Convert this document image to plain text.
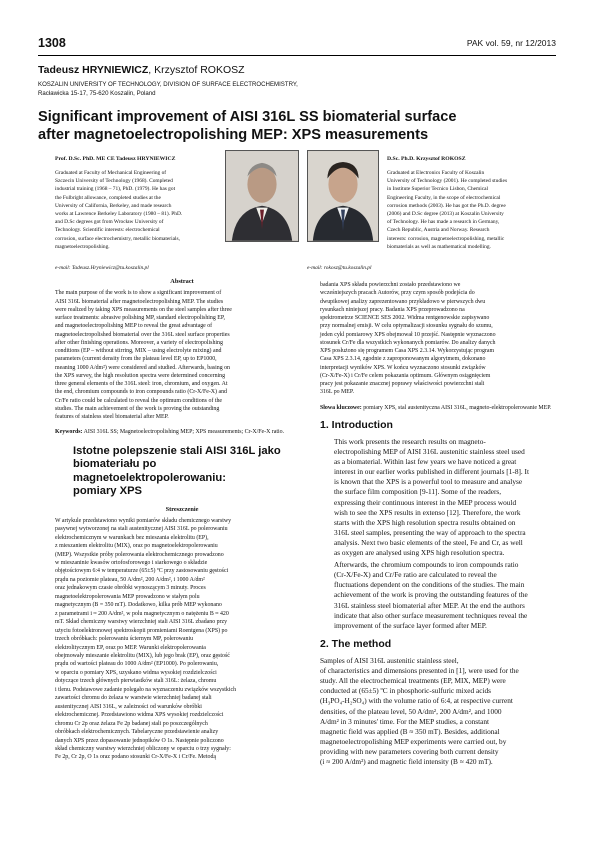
1308	PAK vol. 59, nr 12/2013
Tadeusz HRYNIEWICZ, Krzysztof ROKOSZ
KOSZALIN UNIVERSITY OF TECHNOLOGY, DIVISION OF SURFACE ELECTROCHEMISTRY,
Racławicka 15-17, 75-620 Koszalin, Poland
Significant improvement of AISI 316L SS biomaterial surface
after magnetoelectropolishing MEP: XPS measurements
Prof. D.Sc. PhD. ME CE Tadeusz HRYNIEWICZ
Graduated at Faculty of Mechanical Engineering of
Szczecin University of Technology (1968). Completed
industrial training (1968 – 71), PhD. (1979). He has got
the Fulbright allowance, completed studies at the
University of California, Berkeley, and made research
works at Lawrence Berkeley Laboratory (1980 – 81). PhD.
and D.Sc degrees got from Wrocław University of
Technology. Scientific interests: electrochemical
corrosion, surface electrochemistry, metallic biomaterials,
magnetoelectropolishing.
e-mail: Tadeusz.Hryniewicz@tu.koszalin.pl
D.Sc. Ph.D. Krzysztof ROKOSZ
Graduated at Electronics Faculty of Koszalin
University of Technology (2001). He completed studies
in Institute Superior Tecnico Lisbon, Chemical
Engineering Faculty, in the scope of electrochemical
corrosion methods (2003). He has got the Ph.D. degree
(2006) and D.Sc degree (2013) at Koszalin University
of Technology. He has made a research in Germany,
Czech Republic, Austria and Norway. Research
interests: corrosion, magnetoelectropolishing, metallic
biomaterials as well as mathematical modelling.
e-mail: rokosz@tu.koszalin.pl
Abstract
The main purpose of the work is to show a significant improvement of
AISI 316L biomaterial after magnetoelectropolishing MEP. The studies
were realized by taking XPS measurements on the steel samples after three
surface treatments: abrasive polishing MP, standard electropolishing EP,
and magnetoelectropolishing MEP to reveal the great advantage of
magnetoelectropolished biomaterial over the 316L steel surface properties
after other finishing operations. Moreover, a variety of electropolishing
conditions (EP – without stirring, MIX – using electrolyte mixing) and
parameters (current density from the plateau level EP, up to EP1000,
meaning 1000 A/dm²) were considered and studied. Afterwards, basing on
the XPS survey, the high resolution spectra were determined concerning
three general elements of the 316L steel: iron, chromium, and oxygen. At
the end, chromium compounds to iron compounds ratio (Cr-X/Fe-X) and
Cr/Fe ratio could be calculated to reveal the optimum conditions of the
studies. The main achievement of the work is proving the outstanding
features of stainless steel biomaterial after MEP.
Keywords: AISI 316L SS; Magnetoelectropolishing MEP; XPS measurements; Cr-X/Fe-X ratio.
Istotne polepszenie stali AISI 316L jako
biomateriału po magnetoelektropolerowaniu:
pomiary XPS
Streszczenie
W artykule przedstawiono wyniki pomiarów składu chemicznego warstwy
pasywnej wytworzonej na stali austenitycznej AISI 316L po polerowaniu
elektrochemicznym w warunkach bez mieszania elektrolitu (EP),
z mieszaniem elektrolitu (MIX), oraz po magnetoelektropolerowaniu
(MEP). Wszystkie próby polerowania elektrochemicznego prowadzono
w mieszaninie kwasów ortofosforowego i siarkowego o składzie
objętościowym 6:4 w temperaturze (65±5) ºC przy zastosowaniu gęstości
prądu na poziomie plateau, 50 A/dm², 200 A/dm², i 1000 A/dm²
oraz jednakowym czasie obróbki wynoszącym 3 minuty. Proces
magnetoelektropolerowania MEP prowadzono w stałym polu
magnetycznym (B = 350 mT). Dodatkowo, kilka prób MEP wykonano
z parametrami i ≈ 200 A/dm², w polu magnetycznym o natężeniu B ≈ 420
mT. Skład chemiczny warstwy wierzchniej stali AISI 316L zbadano przy
użyciu fotoelektronowej spektroskopii promieniami Roentgena (XPS) po
trzech obróbkach: polerowaniu ściernym MP, polerowaniu
elektrolitycznym EP, oraz po MEP. Warunki elektropolerowania
obejmowały mieszanie elektrolitu (MIX), lub jego brak (EP), oraz gęstość
prądu od wartości plateau do 1000 A/dm² (EP1000). Po polerowaniu,
w oparciu o pomiary XPS, uzyskano widma wysokiej rozdzielczości
dotyczące trzech głównych pierwiastków stali 316L: żelaza, chromu
i tlenu. Podstawowe zadanie polegało na wyznaczeniu związków wszystkich
zawartości chromu do żelaza w warstwie wierzchniej badanej stali
austenitycznej AISI 316L, w zależności od warunków obróbki
elektrochemicznej. Przedstawiono widma XPS wysokiej rozdzielczości
chromu Cr 2p oraz żelaza Fe 2p badanej stali po poszczególnych
obróbkach elektrochemicznych. Tabelaryczne przedstawienie analizy
danych XPS przez dopasowanie jednopików O 1s. Następnie policzono
skład chemiczny warstwy wierzchniej obliczony w oparciu o trzy sygnały:
Fe 2p, Cr 2p, O 1s oraz podano stosunki Cr-X/Fe-X i Cr/Fe. Metodą
badania XPS składu powierzchni zostało przedstawiono we
wcześniejszych pracach Autorów, przy czym sposób podejścia do
dwupikowej analizy zaprezentowano przykładowo w pierwszych dwu
rysunkach niniejszej pracy. Badania XPS przeprowadzono na
spektrometrze SCIENCE SES 2002. Widma rentgenowskie zapisywano
przy normalnej emisji. W celu optymalizacji stosunku sygnału do szumu,
jeden cykl pomiarowy XPS obejmował 10 przejść. Następnie wyznaczono
stosunek Cr/Fe dla wszystkich wykonanych pomiarów. Do analizy danych
XPS posłużono się programem Casa XPS 2.3.14. Wykorzystując program
Casa XPS 2.3.14, zgodnie z zaproponowanym algorytmem, dokonano
interpretacji wyników XPS. W końcu wyznaczono stosunki związków
(Cr-X/Fe-X) i Cr/Fe celem pokazania optimum. Głównym osiągnięciem
pracy jest pokazanie znacznej poprawy właściwości powierzchni stali
316L po MEP.
Słowa kluczowe: pomiary XPS, stal austenityczna AISI 316L, magneto-elektropolerowanie MEP.
1. Introduction
This work presents the research results on magneto-
electropolishing MEP of AISI 316L austenitic stainless steel used
as a biomaterial. Within last few years we have noticed a great
interest in our earlier works published in different journals [1-8]. It
is known that the XPS is a powerful tool to measure and analyse
the surface film composition [9-11]. Some of the readers,
expressing their continuous interest in the MEP process would
wish to see the XPS results in extenso [12]. Therefore, the work
starts with the XPS high resolution spectra results obtained on
316L steel samples, presenting the way of approach to the spectra
analysis. Next two basic elements of the steel, Fe and Cr, as well
as oxygen are analysed using XPS high resolution spectra.
Afterwards, the chromium compounds to iron compounds ratio
(Cr-X/Fe-X) and Cr/Fe ratio are calculated to reveal the
fluctuations dependent on the conditions of the studies. The main
achievement of the work is proving the outstanding features of the
316L stainless steel biomaterial after MEP. At the end the authors
indicate that also other surface measurement techniques reveal the
improvement of the surface layer formed after MEP.
2. The method
Samples of AISI 316L austenitic stainless steel,
of characteristics and dimensions presented in [1], were used for the
study. All the electrochemical treatments (EP, MIX, MEP) were
conducted at (65±5) ºC in phosphoric-sulfuric mixed acids
(H₃PO₄-H₂SO₄) with the volume ratio of 6:4, at respective current
densities, of the plateau level, 50 A/dm², 200 A/dm², and 1000
A/dm² in 3 minutes' time. For the MEP studies, a constant
magnetic field was applied (B ≈ 350 mT). Besides, additional
magnetoelectropolishing MEP experiments were carried out, by
providing with new parameters covering both current density
(i ≈ 200 A/dm²) and magnetic field intensity (B ≈ 420 mT).
